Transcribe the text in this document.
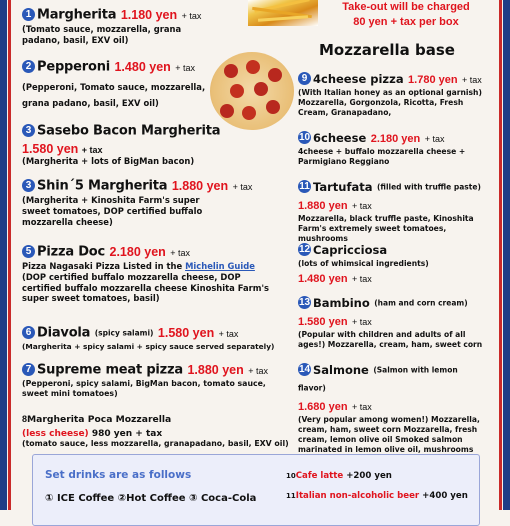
Take-out will be charged
80 yen + tax per box
Mozzarella base
1 Margherita 1.180 yen + tax
(Tomato sauce, mozzarella, grana padano, basil, EXV oil)
2 Pepperoni 1.480 yen + tax
(Pepperoni, Tomato sauce, mozzarella, grana padano, basil, EXV oil)
3 Sasebo Bacon Margherita
1.580 yen + tax
(Margherita + lots of BigMan bacon)
3 Shin´5 Margherita 1.880 yen + tax
(Margherita + Kinoshita Farm's super sweet tomatoes, DOP certified buffalo mozzarella cheese)
5 Pizza Doc 2.180 yen + tax
Pizza Nagasaki Pizza Listed in the Michelin Guide
(DOP certified buffalo mozzarella cheese, DOP certified buffalo mozzarella cheese Kinoshita Farm's super sweet tomatoes, basil)
6 Diavola (spicy salami) 1.580 yen + tax
(Margherita + spicy salami + spicy sauce served separately)
7 Supreme meat pizza 1.880 yen + tax
(Pepperoni, spicy salami, BigMan bacon, tomato sauce, sweet mini tomatoes)
8Margherita Poca Mozzarella
(less cheese) 980 yen + tax
(tomato sauce, less mozzarella, granapadano, basil, EXV oil)
9 4cheese pizza 1.780 yen + tax
(With Italian honey as an optional garnish) Mozzarella, Gorgonzola, Ricotta, Fresh Cream, Granapadano,
10 6cheese 2.180 yen + tax
4cheese + buffalo mozzarella cheese + Parmigiano Reggiano
11 Tartufata (filled with truffle paste)
1.880 yen + tax
Mozzarella, black truffle paste, Kinoshita Farm's extremely sweet tomatoes, mushrooms
12 Capricciosa
(lots of whimsical ingredients)
1.480 yen + tax
13 Bambino (ham and corn cream)
1.580 yen + tax
(Popular with children and adults of all ages!) Mozzarella, cream, ham, sweet corn
14 Salmone (Salmon with lemon flavor)
1.680 yen + tax
(Very popular among women!) Mozzarella, cream, ham, sweet corn Mozzarella, fresh cream, lemon olive oil Smoked salmon marinated in lemon olive oil, mushrooms
Set drinks are as follows
① ICE Coffee ②Hot Coffee ③ Coca-Cola
10Cafe latte +200 yen
11Italian non-alcoholic beer +400 yen
